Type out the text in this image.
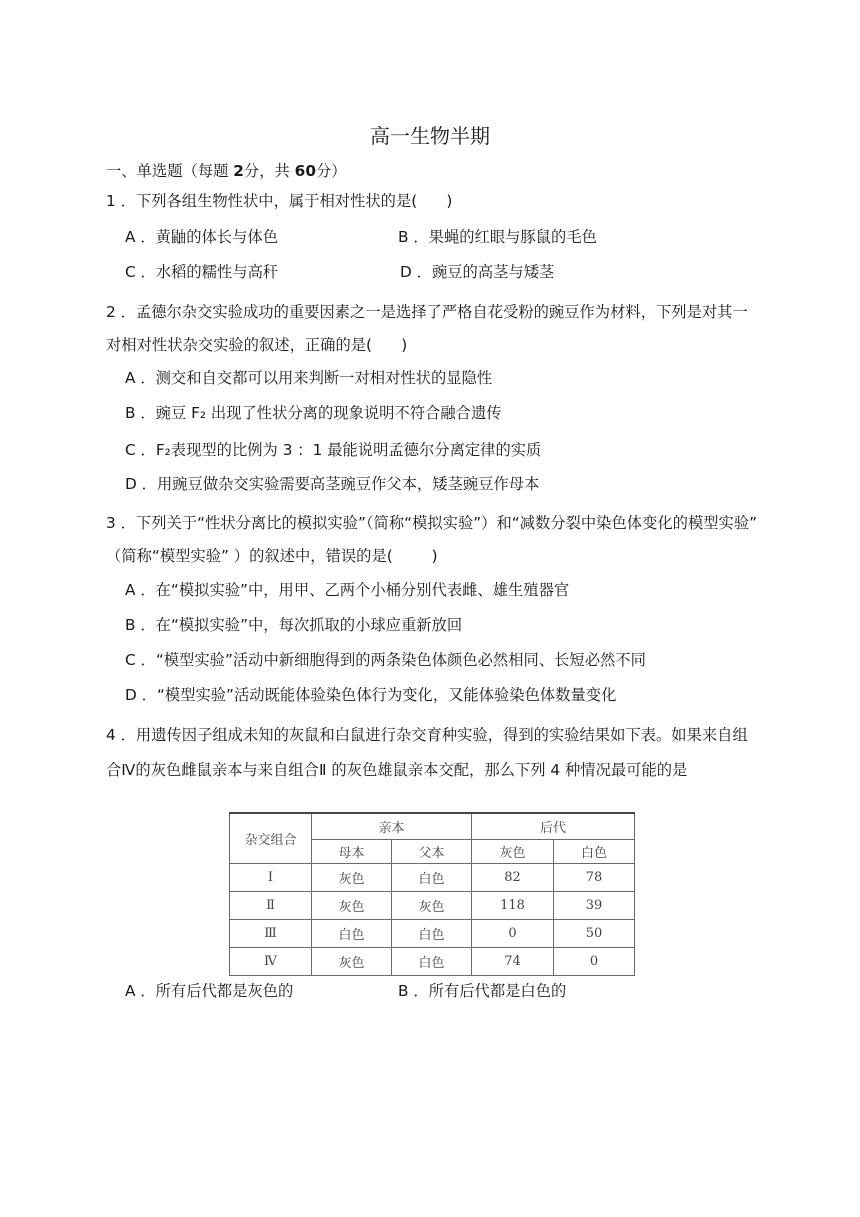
高一生物半期
一、单选题（每题 2分，共 60分）
1 ．下列各组生物性状中，属于相对性状的是(      )
A ．黄鼬的体长与体色	B ．果蝇的红眼与豚鼠的毛色
C ．水稻的糯性与高秆	D ．豌豆的高茎与矮茎
2 ．孟德尔杂交实验成功的重要因素之一是选择了严格自花受粉的豌豆作为材料，下列是对其一
对相对性状杂交实验的叙述，正确的是(      )
A ．测交和自交都可以用来判断一对相对性状的显隐性
B ．豌豆 F₂ 出现了性状分离的现象说明不符合融合遗传
C ．F₂表现型的比例为 3 ：1 最能说明孟德尔分离定律的实质
D ．用豌豆做杂交实验需要高茎豌豆作父本，矮茎豌豆作母本
3 ．下列关于“性状分离比的模拟实验”（简称“模拟实验”）和“减数分裂中染色体变化的模型实验”
（简称“模型实验” ）的叙述中，错误的是(        )
A ．在“模拟实验”中，用甲、乙两个小桶分别代表雌、雄生殖器官
B ．在“模拟实验”中，每次抓取的小球应重新放回
C ．“模型实验”活动中新细胞得到的两条染色体颜色必然相同、长短必然不同
D ．“模型实验”活动既能体验染色体行为变化，又能体验染色体数量变化
4 ．用遗传因子组成未知的灰鼠和白鼠进行杂交育种实验，得到的实验结果如下表。如果来自组
合Ⅳ的灰色雌鼠亲本与来自组合Ⅱ 的灰色雄鼠亲本交配，那么下列 4 种情况最可能的是
杂交组合	亲本		后代	
	母本	父本	灰色	白色
Ⅰ	灰色	白色	82	78
Ⅱ	灰色	灰色	118	39
Ⅲ	白色	白色	0	50
Ⅳ	灰色	白色	74	0
A ．所有后代都是灰色的	B ．所有后代都是白色的
